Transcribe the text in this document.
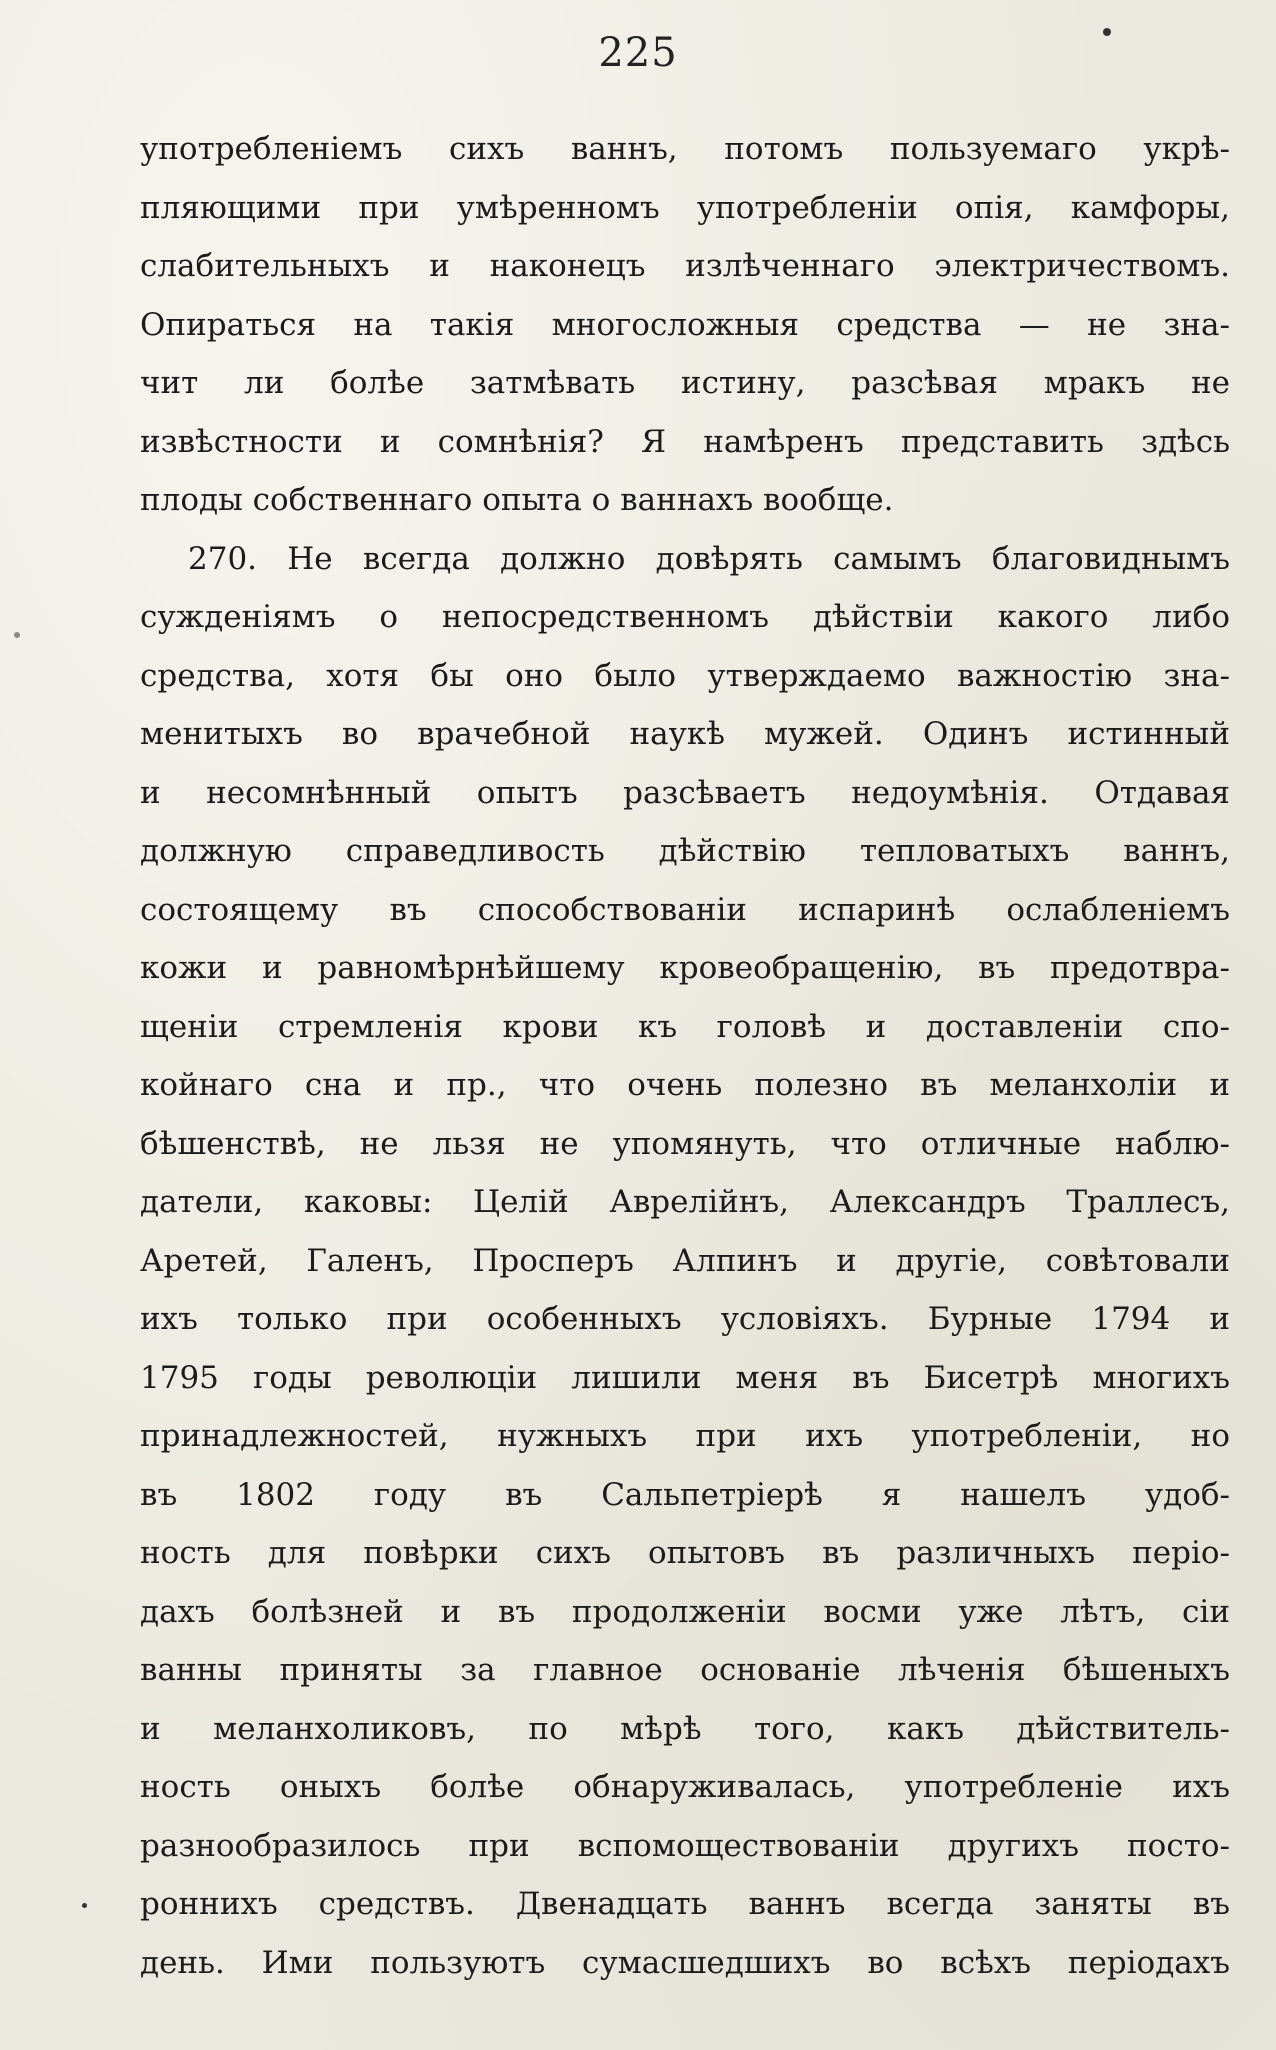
225
употребленіемъ сихъ ваннъ, потомъ пользуемаго укрѣ-
пляющими при умѣренномъ употребленіи опія, камфоры,
слабительныхъ и наконецъ излѣченнаго электричествомъ.
Опираться на такія многосложныя средства — не зна-
чит ли болѣе затмѣвать истину, разсѣвая мракъ не
извѣстности и сомнѣнія? Я намѣренъ представить здѣсь
плоды собственнаго опыта о ваннахъ вообще.
270. Не всегда должно довѣрять самымъ благовиднымъ
сужденіямъ о непосредственномъ дѣйствіи какого либо
средства, хотя бы оно было утверждаемо важностію зна-
менитыхъ во врачебной наукѣ мужей. Одинъ истинный
и несомнѣнный опытъ разсѣваетъ недоумѣнія. Отдавая
должную справедливость дѣйствію тепловатыхъ ваннъ,
состоящему въ способствованіи испаринѣ ослабленіемъ
кожи и равномѣрнѣйшему кровеобращенію, въ предотвра-
щеніи стремленія крови къ головѣ и доставленіи спо-
койнаго сна и пр., что очень полезно въ меланхоліи и
бѣшенствѣ, не льзя не упомянуть, что отличные наблю-
датели, каковы: Целій Аврелійнъ, Александръ Траллесъ,
Аретей, Галенъ, Просперъ Алпинъ и другіе, совѣтовали
ихъ только при особенныхъ условіяхъ. Бурные 1794 и
1795 годы революціи лишили меня въ Бисетрѣ многихъ
принадлежностей, нужныхъ при ихъ употребленіи, но
въ 1802 году въ Сальпетріерѣ я нашелъ удоб-
ность для повѣрки сихъ опытовъ въ различныхъ періо-
дахъ болѣзней и въ продолженіи восми уже лѣтъ, сіи
ванны приняты за главное основаніе лѣченія бѣшеныхъ
и меланхоликовъ, по мѣрѣ того, какъ дѣйствитель-
ность оныхъ болѣе обнаруживалась, употребленіе ихъ
разнообразилось при вспомоществованіи другихъ посто-
роннихъ средствъ. Двенадцать ваннъ всегда заняты въ
день. Ими пользуютъ сумасшедшихъ во всѣхъ періодахъ
